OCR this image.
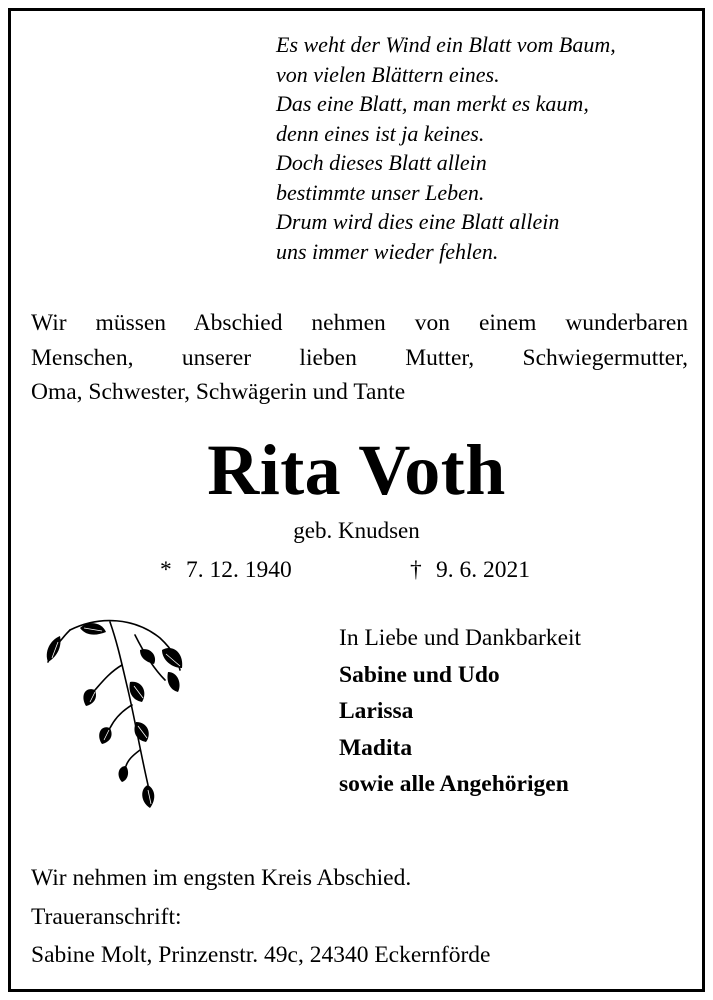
Es weht der Wind ein Blatt vom Baum,
von vielen Blättern eines.
Das eine Blatt, man merkt es kaum,
denn eines ist ja keines.
Doch dieses Blatt allein
bestimmte unser Leben.
Drum wird dies eine Blatt allein
uns immer wieder fehlen.

Wir müssen Abschied nehmen von einem wunderbaren
Menschen, unserer lieben Mutter, Schwiegermutter,
Oma, Schwester, Schwägerin und Tante

Rita Voth
geb. Knudsen
* 7. 12. 1940	† 9. 6. 2021
In Liebe und Dankbarkeit
Sabine und Udo
Larissa
Madita
sowie alle Angehörigen
Wir nehmen im engsten Kreis Abschied.
Traueranschrift:
Sabine Molt, Prinzenstr. 49c, 24340 Eckernförde
